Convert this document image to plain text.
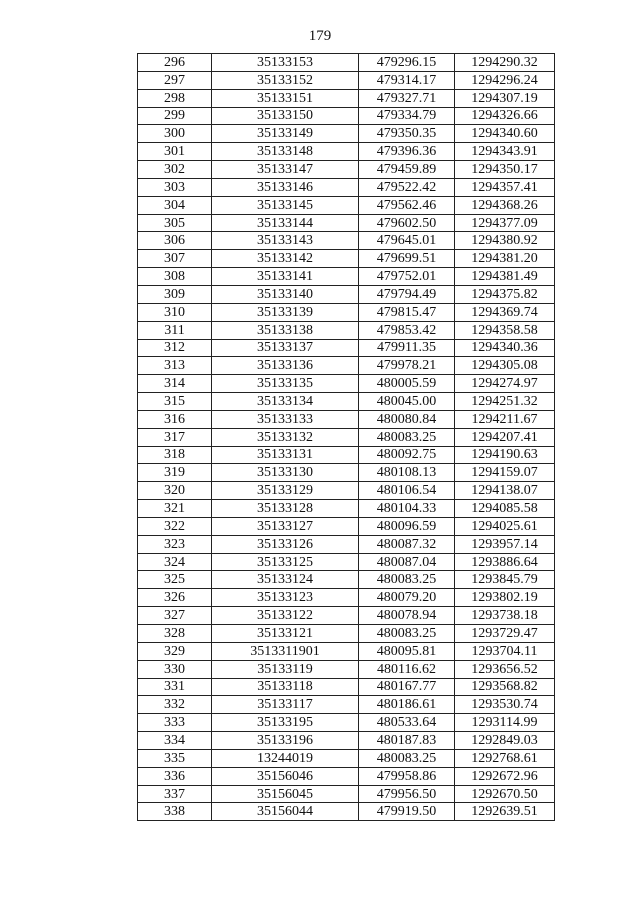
179
296	35133153	479296.15	1294290.32
297	35133152	479314.17	1294296.24
298	35133151	479327.71	1294307.19
299	35133150	479334.79	1294326.66
300	35133149	479350.35	1294340.60
301	35133148	479396.36	1294343.91
302	35133147	479459.89	1294350.17
303	35133146	479522.42	1294357.41
304	35133145	479562.46	1294368.26
305	35133144	479602.50	1294377.09
306	35133143	479645.01	1294380.92
307	35133142	479699.51	1294381.20
308	35133141	479752.01	1294381.49
309	35133140	479794.49	1294375.82
310	35133139	479815.47	1294369.74
311	35133138	479853.42	1294358.58
312	35133137	479911.35	1294340.36
313	35133136	479978.21	1294305.08
314	35133135	480005.59	1294274.97
315	35133134	480045.00	1294251.32
316	35133133	480080.84	1294211.67
317	35133132	480083.25	1294207.41
318	35133131	480092.75	1294190.63
319	35133130	480108.13	1294159.07
320	35133129	480106.54	1294138.07
321	35133128	480104.33	1294085.58
322	35133127	480096.59	1294025.61
323	35133126	480087.32	1293957.14
324	35133125	480087.04	1293886.64
325	35133124	480083.25	1293845.79
326	35133123	480079.20	1293802.19
327	35133122	480078.94	1293738.18
328	35133121	480083.25	1293729.47
329	3513311901	480095.81	1293704.11
330	35133119	480116.62	1293656.52
331	35133118	480167.77	1293568.82
332	35133117	480186.61	1293530.74
333	35133195	480533.64	1293114.99
334	35133196	480187.83	1292849.03
335	13244019	480083.25	1292768.61
336	35156046	479958.86	1292672.96
337	35156045	479956.50	1292670.50
338	35156044	479919.50	1292639.51
